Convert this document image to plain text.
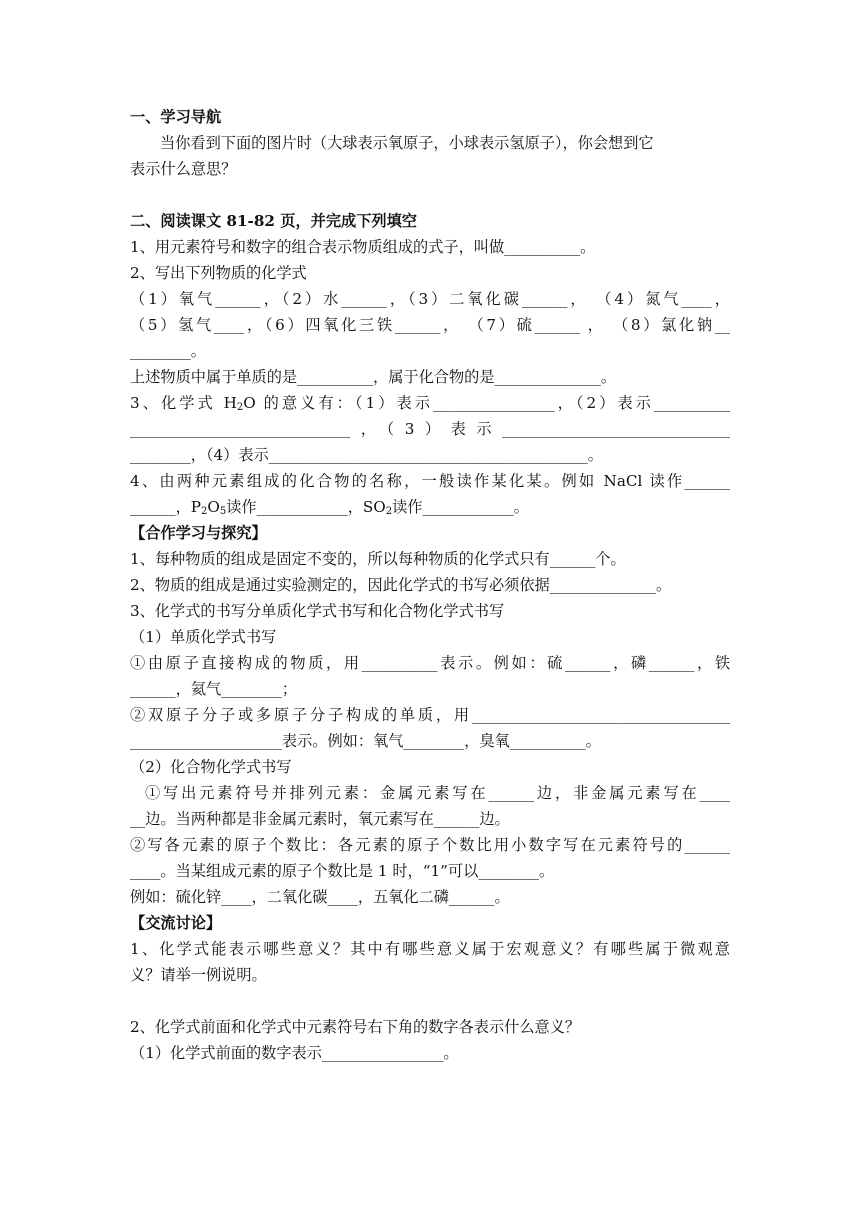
一、学习导航
当你看到下面的图片时（大球表示氧原子，小球表示氢原子），你会想到它
表示什么意思？
二、阅读课文 81-82 页，并完成下列填空
1、用元素符号和数字的组合表示物质组成的式子，叫做__________。
2、写出下列物质的化学式
（1）氧气______，（2）水______，（3）二氧化碳______， （4）氮气____，
（5）氢气____，（6）四氧化三铁______， （7）硫______ ， （8）氯化钠__
________。
上述物质中属于单质的是__________，属于化合物的是______________。
3、化学式 $H_2O$ 的意义有：（1）表示________________，（2）表示__________
_____________________________，（3）表示______________________________
________，（4）表示__________________________________________。
4、由两种元素组成的化合物的名称，一般读作某化某。例如 NaCl 读作______
______，$P_2O_5$读作____________，$SO_2$读作____________。
【合作学习与探究】
1、每种物质的组成是固定不变的，所以每种物质的化学式只有______个。
2、物质的组成是通过实验测定的，因此化学式的书写必须依据______________。
3、化学式的书写分单质化学式书写和化合物化学式书写
（1）单质化学式书写
①由原子直接构成的物质，用__________表示。例如：硫______，磷______，铁
______，氦气________；
②双原子分子或多原子分子构成的单质，用__________________________________
____________________表示。例如：氧气________，臭氧__________。
（2）化合物化学式书写
①写出元素符号并排列元素：金属元素写在______边，非金属元素写在____
__边。当两种都是非金属元素时，氧元素写在______边。
②写各元素的原子个数比：各元素的原子个数比用小数字写在元素符号的______
____。当某组成元素的原子个数比是 1 时，“1”可以________。
例如：硫化锌____，二氧化碳____，五氧化二磷______。
【交流讨论】
1、化学式能表示哪些意义？其中有哪些意义属于宏观意义？有哪些属于微观意
义？请举一例说明。
2、化学式前面和化学式中元素符号右下角的数字各表示什么意义？
（1）化学式前面的数字表示________________。
